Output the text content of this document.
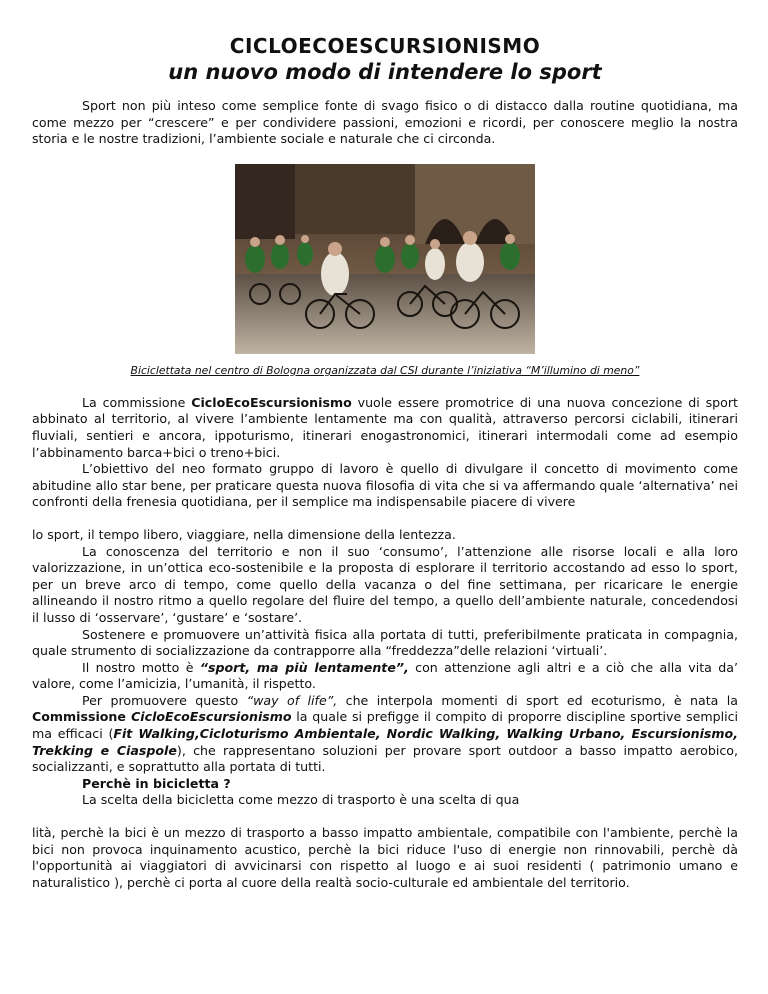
CICLOECOESCURSIONISMO
un nuovo modo di intendere lo sport

Sport non più inteso come semplice fonte di svago fisico o di distacco dalla routine quotidiana, ma come mezzo per “crescere” e per condividere passioni, emozioni e ricordi, per conoscere meglio la nostra storia e le nostre tradizioni, l’ambiente sociale e naturale che ci circonda.

Biciclettata nel centro di Bologna organizzata dal CSI durante l’iniziativa “M’illumino di meno”

La commissione CicloEcoEscursionismo vuole essere promotrice di una nuova concezione di sport abbinato al territorio, al vivere l’ambiente lentamente ma con qualità, attraverso percorsi ciclabili, itinerari fluviali, sentieri e ancora, ippoturismo, itinerari enogastronomici, itinerari intermodali come ad esempio l’abbinamento barca+bici o treno+bici.

L’obiettivo del neo formato gruppo di lavoro è quello di divulgare il concetto di movimento come abitudine allo star bene, per praticare questa nuova filosofia di vita che si va affermando quale ‘alternativa’ nei confronti della frenesia quotidiana, per il semplice ma indispensabile piacere di vivere

lo sport, il tempo libero, viaggiare, nella dimensione della lentezza.

La conoscenza del territorio e non il suo ‘consumo’, l’attenzione alle risorse locali e alla loro valorizzazione, in un’ottica eco-sostenibile e la proposta di esplorare il territorio accostando ad esso lo sport, per un breve arco di tempo, come quello della vacanza o del fine settimana, per ricaricare le energie allineando il nostro ritmo a quello regolare del fluire del tempo, a quello dell’ambiente naturale, concedendosi il lusso di ‘osservare’, ‘gustare’ e ‘sostare’.

Sostenere e promuovere un’attività fisica alla portata di tutti, preferibilmente praticata in compagnia, quale strumento di socializzazione da contrapporre alla “freddezza”delle relazioni ‘virtuali’.

Il nostro motto è “sport, ma più lentamente”, con attenzione agli altri e a ciò che alla vita da’ valore, come l’amicizia, l’umanità, il rispetto.

Per promuovere questo “way of life”, che interpola momenti di sport ed ecoturismo, è nata la Commissione CicloEcoEscursionismo la quale si prefigge il compito di proporre discipline sportive semplici ma efficaci (Fit Walking,Cicloturismo Ambientale, Nordic Walking, Walking Urbano, Escursionismo, Trekking e Ciaspole), che rappresentano soluzioni per provare sport outdoor a basso impatto aerobico, socializzanti, e soprattutto alla portata di tutti.

Perchè in bicicletta ?

La scelta della bicicletta come mezzo di trasporto è una scelta di qua

lità, perchè la bici è un mezzo di trasporto a basso impatto ambientale, compatibile con l'ambiente, perchè la bici non provoca inquinamento acustico, perchè la bici riduce l'uso di energie non rinnovabili, perchè dà l'opportunità ai viaggiatori di avvicinarsi con rispetto al luogo e ai suoi residenti ( patrimonio umano e naturalistico ), perchè ci porta al cuore della realtà socio-culturale ed ambientale del territorio.
